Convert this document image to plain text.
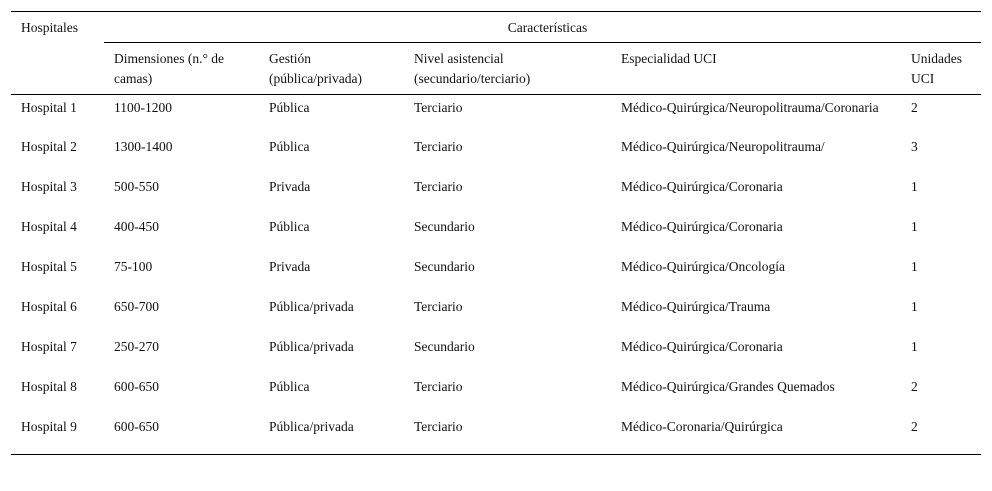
Hospitales	Características				
	Dimensiones (n.° de camas)	Gestión (pública/privada)	Nivel asistencial (secundario/terciario)	Especialidad UCI	Unidades UCI
Hospital 1	1100-1200	Pública	Terciario	Médico-Quirúrgica/Neuropolitrauma/Coronaria	2
Hospital 2	1300-1400	Pública	Terciario	Médico-Quirúrgica/Neuropolitrauma/	3
Hospital 3	500-550	Privada	Terciario	Médico-Quirúrgica/Coronaria	1
Hospital 4	400-450	Pública	Secundario	Médico-Quirúrgica/Coronaria	1
Hospital 5	75-100	Privada	Secundario	Médico-Quirúrgica/Oncología	1
Hospital 6	650-700	Pública/privada	Terciario	Médico-Quirúrgica/Trauma	1
Hospital 7	250-270	Pública/privada	Secundario	Médico-Quirúrgica/Coronaria	1
Hospital 8	600-650	Pública	Terciario	Médico-Quirúrgica/Grandes Quemados	2
Hospital 9	600-650	Pública/privada	Terciario	Médico-Coronaria/Quirúrgica	2
